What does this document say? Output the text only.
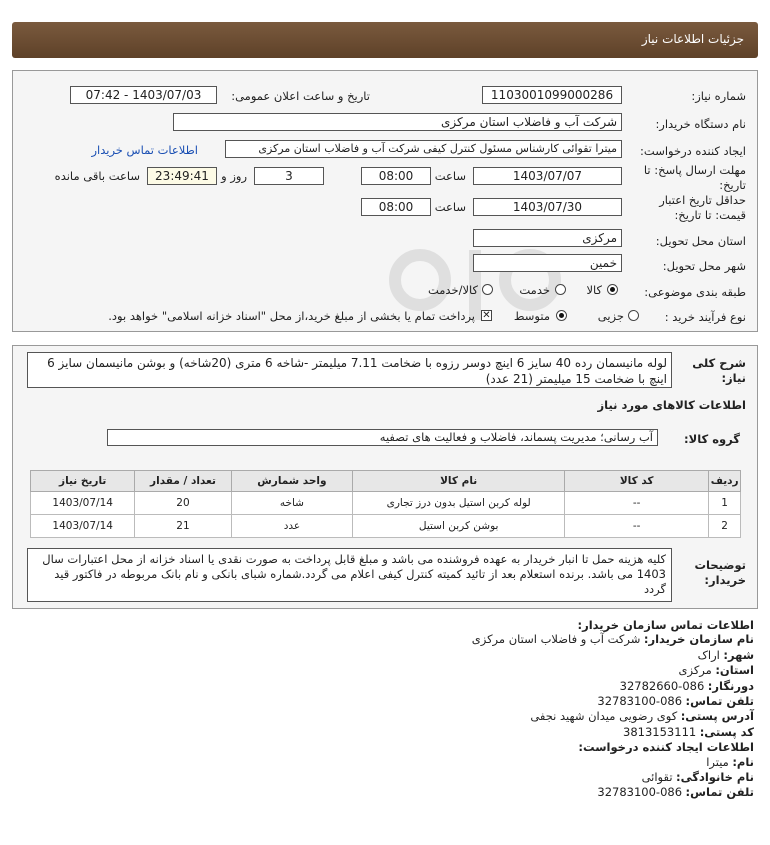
جزئیات اطلاعات نیاز
شماره نیاز:
1103001099000286
تاریخ و ساعت اعلان عمومی:
1403/07/03 - 07:42
نام دستگاه خریدار:
شرکت آب و فاضلاب استان مرکزی
ایجاد کننده درخواست:
میترا تقوائی کارشناس مسئول کنترل کیفی شرکت آب و فاضلاب استان مرکزی
اطلاعات تماس خریدار
مهلت ارسال پاسخ: تا
تاریخ:
1403/07/07
ساعت
08:00
3
روز و
23:49:41
ساعت باقی مانده
حداقل تاریخ اعتبار
قیمت: تا تاریخ:
1403/07/30
ساعت
08:00
استان محل تحویل:
مرکزی
شهر محل تحویل:
خمین
طبقه بندی موضوعی:
کالا
خدمت
کالا/خدمت
نوع فرآیند خرید :
جزیی
متوسط
✕
پرداخت تمام یا بخشی از مبلغ خرید،از محل "اسناد خزانه اسلامی" خواهد بود.
شرح کلی
نیاز:
لوله مانیسمان رده 40 سایز 6 اینچ دوسر رزوه با ضخامت 7.11 میلیمتر -شاخه 6 متری (20شاخه) و بوشن مانیسمان سایز 6 اینچ با ضخامت 15 میلیمتر (21 عدد)
اطلاعات کالاهای مورد نیاز
گروه کالا:
آب رسانی؛ مدیریت پسماند، فاضلاب و فعالیت های تصفیه
ردیف	کد کالا	نام کالا	واحد شمارش	تعداد / مقدار	تاریخ نیاز
1	--	لوله کربن استیل بدون درز تجاری	شاخه	20	1403/07/14
2	--	بوشن کربن استیل	عدد	21	1403/07/14
توضیحات
خریدار:
کلیه هزینه حمل تا انبار خریدار به عهده فروشنده می باشد و مبلغ قابل پرداخت به صورت نقدی یا اسناد خزانه از محل اعتبارات سال 1403 می باشد. برنده استعلام بعد از تائید کمیته کنترل کیفی اعلام می گردد.شماره شبای بانکی و نام بانک مربوطه در فاکتور قید گردد
اطلاعات تماس سازمان خریدار:
نام سازمان خریدار: شرکت آب و فاضلاب استان مرکزی
شهر: اراک
استان: مرکزی
دورنگار: 086-32782660
تلفن تماس: 086-32783100
آدرس پستی: کوی رضویی میدان شهید نجفی
کد پستی: 3813153111
اطلاعات ایجاد کننده درخواست:
نام: میترا
نام خانوادگی: تقوائی
تلفن تماس: 086-32783100
